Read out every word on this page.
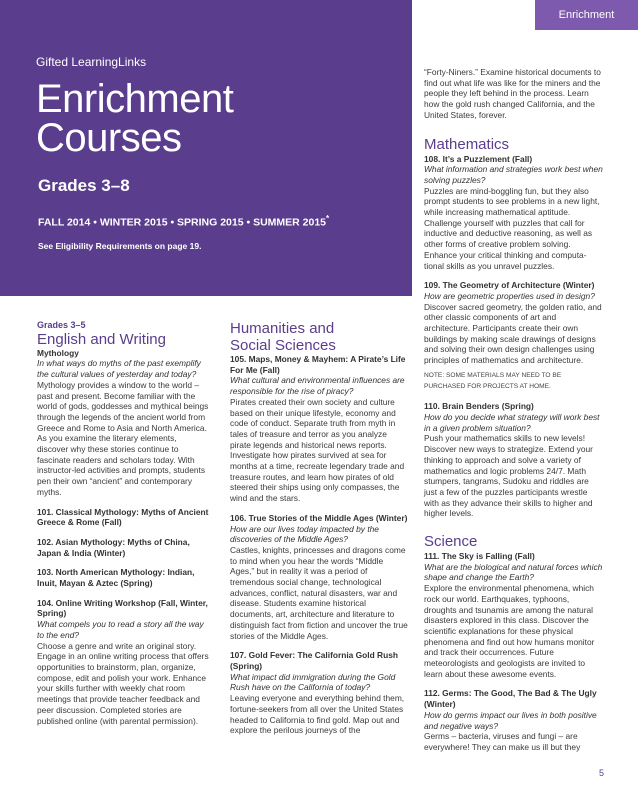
Enrichment
Gifted LearningLinks
Enrichment
Courses
Grades 3–8
FALL 2014 • WINTER 2015 • SPRING 2015 • SUMMER 2015*
See Eligibility Requirements on page 19.

Grades 3–5

English and Writing

Mythology

In what ways do myths of the past exemplify the cultural values of yesterday and today?

Mythology provides a window to the world – past and present. Become familiar with the world of gods, goddesses and mythical beings through the legends of the ancient world from Greece and Rome to Asia and North America. As you examine the literary elements, discover why these stories continue to fascinate readers and scholars today. With instructor-led activities and prompts, students pen their own “ancient” and contemporary myths.

101. Classical Mythology: Myths of Ancient Greece & Rome (Fall)

102. Asian Mythology: Myths of China, Japan & India (Winter)

103. North American Mythology: Indian, Inuit, Mayan & Aztec (Spring)

104. Online Writing Workshop (Fall, Winter, Spring)

What compels you to read a story all the way to the end?

Choose a genre and write an original story. Engage in an online writing process that offers opportunities to brainstorm, plan, organize, compose, edit and polish your work. Enhance your skills further with weekly chat room meetings that provide teacher feedback and peer discussion. Completed stories are published online (with parental permission).

Humanities and Social Sciences

105. Maps, Money & Mayhem: A Pirate’s Life For Me (Fall)

What cultural and environmental influences are responsible for the rise of piracy?

Pirates created their own society and culture based on their unique lifestyle, economy and code of conduct. Separate truth from myth in tales of treasure and terror as you analyze pirate legends and historical news reports. Investigate how pirates survived at sea for months at a time, recreate legendary trade and treasure routes, and learn how pirates of old steered their ships using only compasses, the wind and the stars.

106. True Stories of the Middle Ages (Winter)

How are our lives today impacted by the discoveries of the Middle Ages?

Castles, knights, princesses and dragons come to mind when you hear the words “Middle Ages,” but in reality it was a period of tremendous social change, technological advances, conflict, natural disasters, war and disease. Students examine historical documents, art, architecture and literature to distinguish fact from fiction and uncover the true stories of the Middle Ages.

107. Gold Fever: The California Gold Rush (Spring)

What impact did immigration during the Gold Rush have on the California of today?

Leaving everyone and everything behind them, fortune-seekers from all over the United States headed to California to find gold. Map out and explore the perilous journeys of the

“Forty-Niners.” Examine historical documents to find out what life was like for the miners and the people they left behind in the process. Learn how the gold rush changed California, and the United States, forever.

Mathematics

108. It’s a Puzzlement (Fall)

What information and strategies work best when solving puzzles?

Puzzles are mind-boggling fun, but they also prompt students to see problems in a new light, while increasing mathematical aptitude. Challenge yourself with puzzles that call for inductive and deductive reasoning, as well as other forms of creative problem solving. Enhance your critical thinking and computa-tional skills as you unravel puzzles.

109. The Geometry of Architecture (Winter)

How are geometric properties used in design?

Discover sacred geometry, the golden ratio, and other classic components of art and architecture. Participants create their own buildings by making scale drawings of designs and solving their own design challenges using principles of mathematics and architecture.

NOTE: SOME MATERIALS MAY NEED TO BE PURCHASED FOR PROJECTS AT HOME.

110. Brain Benders (Spring)

How do you decide what strategy will work best in a given problem situation?

Push your mathematics skills to new levels! Discover new ways to strategize. Extend your thinking to approach and solve a variety of mathematics and logic problems 24/7. Math stumpers, tangrams, Sudoku and riddles are just a few of the puzzles participants wrestle with as they advance their skills to higher and higher levels.

Science

111. The Sky is Falling (Fall)

What are the biological and natural forces which shape and change the Earth?

Explore the environmental phenomena, which rock our world. Earthquakes, typhoons, droughts and tsunamis are among the natural disasters explored in this class. Discover the scientific explanations for these physical phenomena and find out how humans monitor and track their occurrences. Future meteorologists and geologists are invited to learn about these awesome events.

112. Germs: The Good, The Bad & The Ugly (Winter)

How do germs impact our lives in both positive and negative ways?

Germs – bacteria, viruses and fungi – are everywhere! They can make us ill but they

5
